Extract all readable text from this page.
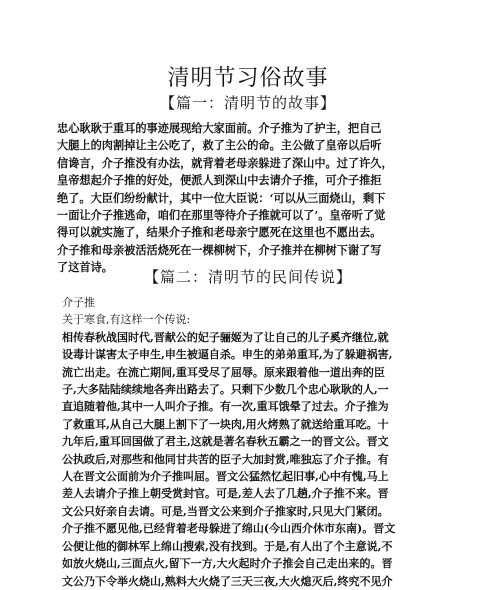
清明节习俗故事
【篇一：清明节的故事】
忠心耿耿于重耳的事迹展现给大家面前。介子推为了护主，把自己
大腿上的肉割掉让主公吃了，救了主公的命。主公做了皇帝以后听
信谗言，介子推没有办法，就背着老母亲躲进了深山中。过了许久，
皇帝想起介子推的好处，便派人到深山中去请介子推，可介子推拒
绝了。大臣们纷纷献计，其中一位大臣说：‘可以从三面烧山，剩下
一面让介子推逃命，咱们在那里等待介子推就可以了’。皇帝听了觉
得可以就实施了，结果介子推和老母亲宁愿死在这里也不愿出去。
介子推和母亲被活活烧死在一棵柳树下，介子推并在柳树下谢了写
了这首诗。
【篇二：清明节的民间传说】
介子推
关于寒食,有这样一个传说:
相传春秋战国时代,晋献公的妃子骊姬为了让自己的儿子奚齐继位,就
设毒计谋害太子申生,申生被逼自杀。申生的弟弟重耳,为了躲避祸害,
流亡出走。在流亡期间,重耳受尽了屈辱。原来跟着他一道出奔的臣
子,大多陆陆续续地各奔出路去了。只剩下少数几个忠心耿耿的人,一
直追随着他,其中一人叫介子推。有一次,重耳饿晕了过去。介子推为
了救重耳,从自己大腿上割下了一块肉,用火烤熟了就送给重耳吃。十
九年后,重耳回国做了君主,这就是著名春秋五霸之一的晋文公。晋文
公执政后,对那些和他同甘共苦的臣子大加封赏,唯独忘了介子推。有
人在晋文公面前为介子推叫屈。晋文公猛然忆起旧事,心中有愧,马上
差人去请介子推上朝受赏封官。可是,差人去了几趟,介子推不来。晋
文公只好亲自去请。可是,当晋文公来到介子推家时,只见大门紧闭。
介子推不愿见他,已经背着老母躲进了绵山(今山西介休市东南)。晋文
公便让他的御林军上绵山搜索,没有找到。于是,有人出了个主意说,不
如放火烧山,三面点火,留下一方,大火起时介子推会自己走出来的。晋
文公乃下令举火烧山,熟料大火烧了三天三夜,大火熄灭后,终究不见介
